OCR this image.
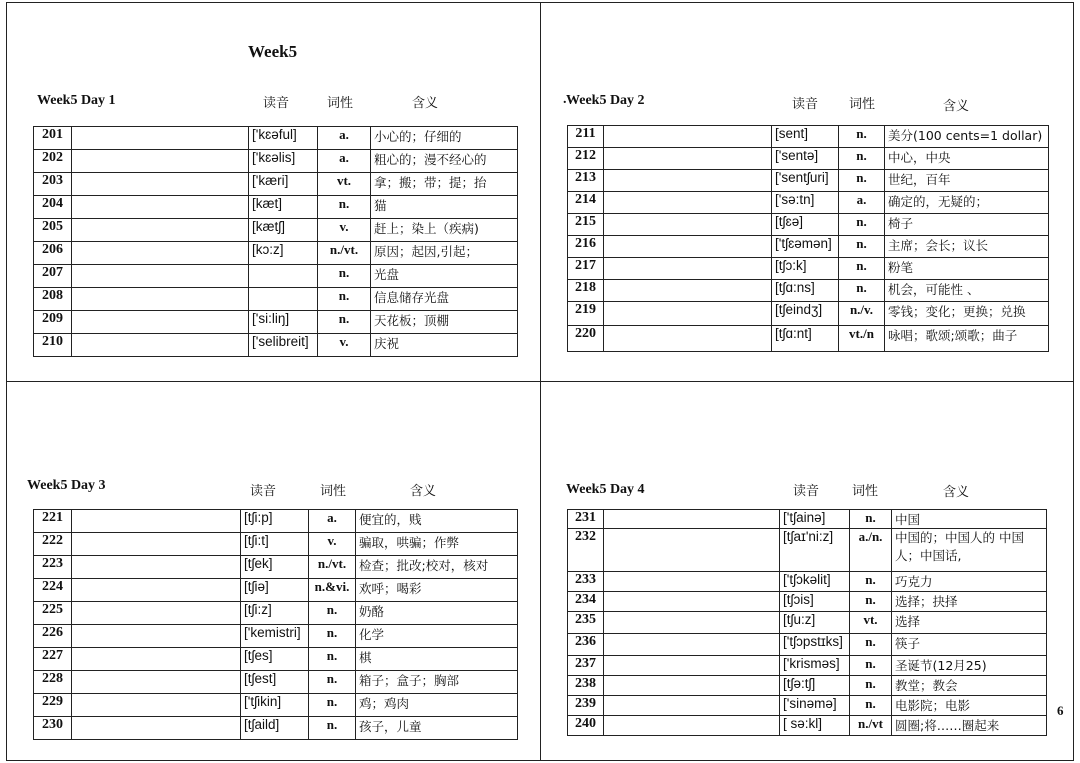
Week5
.
Week5 Day 1	Week5 Day 2
Week5 Day 3	Week5 Day 4
读音	词性	含义	读音 词性	含义
读音	词性	含义	读音	词性	含义
201		['kɛəful]	a.	小心的；仔细的
202		['kɛəlis]	a.	粗心的；漫不经心的
203		['kæri]	vt.	拿；搬；带；提；抬
204		[kæt]	n.	猫
205		[kætʃ]	v.	赶上；染上（疾病)
206		[kɔ:z]	n./vt.	原因；起因,引起；
207			n.	光盘
208			n.	信息储存光盘
209		['si:liŋ]	n.	天花板；顶棚
210		['selibreit]	v.	庆祝
211		[sent]	n.	美分(100 cents=1 dollar)
212		['sentə]	n.	中心，中央
213		['sentʃuri]	n.	世纪，百年
214		['sə:tn]	a.	确定的，无疑的；
215		[tʃɛə]	n.	椅子
216		['tʃɛəmən]	n.	主席；会长；议长
217		[tʃɔ:k]	n.	粉笔
218		[tʃɑ:ns]	n.	机会，可能性 、
219		[tʃeindʒ]	n./v.	零钱；变化；更换；兑换
220		[tʃɑ:nt]	vt./n	咏唱；歌颂;颂歌；曲子
221		[tʃi:p]	a.	便宜的，贱
222		[tʃi:t]	v.	骗取，哄骗；作弊
223		[tʃek]	n./vt.	检查；批改;校对，核对
224		[tʃiə]	n.&vi.	欢呼；喝彩
225		[tʃi:z]	n.	奶酪
226		['kemistri]	n.	化学
227		[tʃes]	n.	棋
228		[tʃest]	n.	箱子；盒子；胸部
229		['tʃikin]	n.	鸡；鸡肉
230		[tʃaild]	n.	孩子，儿童
231		['tʃainə]	n.	中国
232		[tʃaɪ'ni:z]	a./n.	中国的；中国人的 中国人；中国话,
233		['tʃɔkəlit]	n.	巧克力
234		[tʃɔis]	n.	选择；抉择
235		[tʃu:z]	vt.	选择
236		['tʃɔpstɪks]	n.	筷子
237		['krisməs]	n.	圣诞节(12月25)
238		[tʃə:tʃ]	n.	教堂；教会
239		['sinəmə]	n.	电影院；电影
240		[ sə:kl]	n./vt	圆圈;将……圈起来
6
